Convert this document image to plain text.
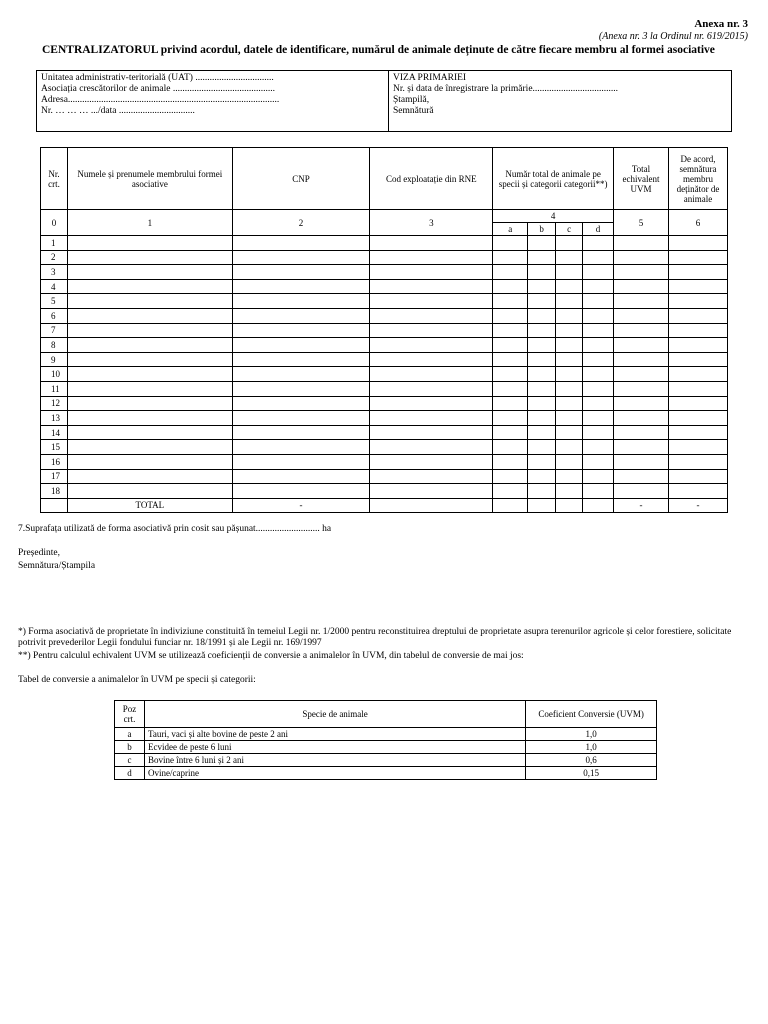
Anexa nr. 3
(Anexa nr. 3 la Ordinul nr. 619/2015)
CENTRALIZATORUL privind acordul, datele de identificare, numărul de animale deținute de către fiecare membru al formei asociative
Unitatea administrativ-teritorială (UAT) .................................
Asociația crescătorilor de animale ...........................................
Adresa.........................................................................................
Nr. … … … .../data ................................
VIZA PRIMARIEI
Nr. și data de înregistrare la primărie....................................
Ștampilă,
Semnătură
Nr. crt.	Numele și prenumele membrului formei asociative	CNP	Cod exploatație din RNE	Număr total de animale pe specii și categorii categorii**)				Total echivalent UVM	De acord, semnătura membru deținător de animale
0	1	2	3	4				5	6
				a	b	c	d		
1									
2									
3									
4									
5									
6									
7									
8									
9									
10									
11									
12									
13									
14									
15									
16									
17									
18									
	TOTAL	-						-	-
7.Suprafața utilizată de forma asociativă prin cosit sau pășunat........................... ha
Președinte,
Semnătura/Ștampila
*) Forma asociativă de proprietate în indiviziune constituită în temeiul Legii nr. 1/2000 pentru reconstituirea dreptului de proprietate asupra terenurilor agricole și celor forestiere, solicitate potrivit prevederilor Legii fondului funciar nr. 18/1991 și ale Legii nr. 169/1997
**) Pentru calculul echivalent UVM se utilizează coeficienții de conversie a animalelor în UVM, din tabelul de conversie de mai jos:
Tabel de conversie a animalelor în UVM pe specii și categorii:
Poz crt.	Specie de animale	Coeficient Conversie (UVM)
a	Tauri, vaci și alte bovine de peste 2 ani	1,0
b	Ecvidee de peste 6 luni	1,0
c	Bovine între 6 luni și 2 ani	0,6
d	Ovine/caprine	0,15
